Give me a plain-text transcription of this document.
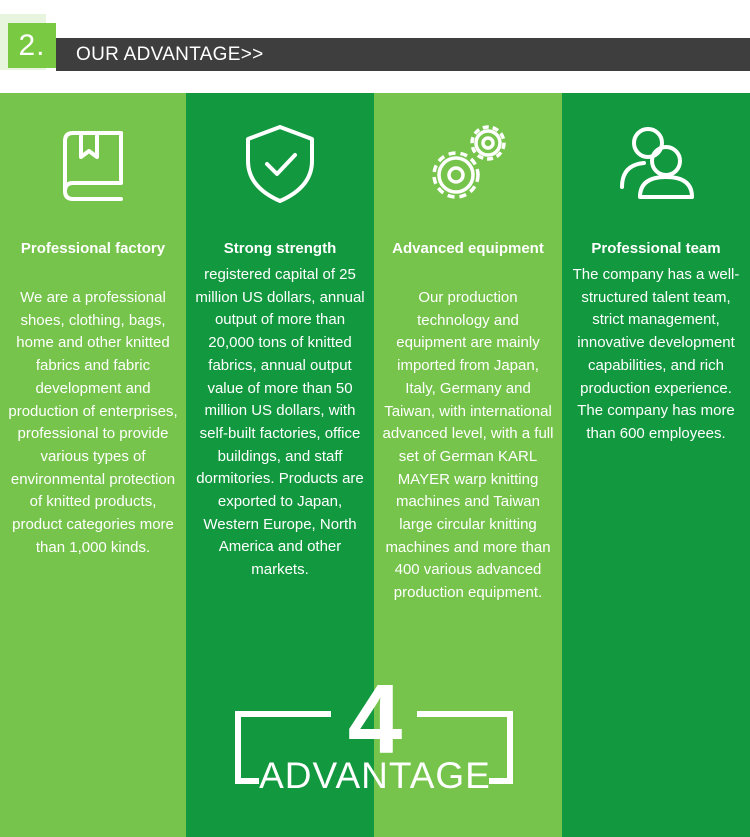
2.	OUR ADVANTAGE>>
Professional factory
We are a professional shoes, clothing, bags, home and other knitted fabrics and fabric development and production of enterprises, professional to provide various types of environmental protection of knitted products, product categories more than 1,000 kinds.
Strong strength
registered capital of 25 million US dollars, annual output of more than 20,000 tons of knitted fabrics, annual output value of more than 50 million US dollars, with self-built factories, office buildings, and staff dormitories. Products are exported to Japan, Western Europe, North America and other markets.
Advanced equipment
Our production technology and equipment are mainly imported from Japan, Italy, Germany and Taiwan, with international advanced level, with a full set of German KARL MAYER warp knitting machines and Taiwan large circular knitting machines and more than 400 various advanced production equipment.
Professional team
The company has a well-structured talent team, strict management, innovative development capabilities, and rich production experience. The company has more than 600 employees.
4
ADVANTAGE
